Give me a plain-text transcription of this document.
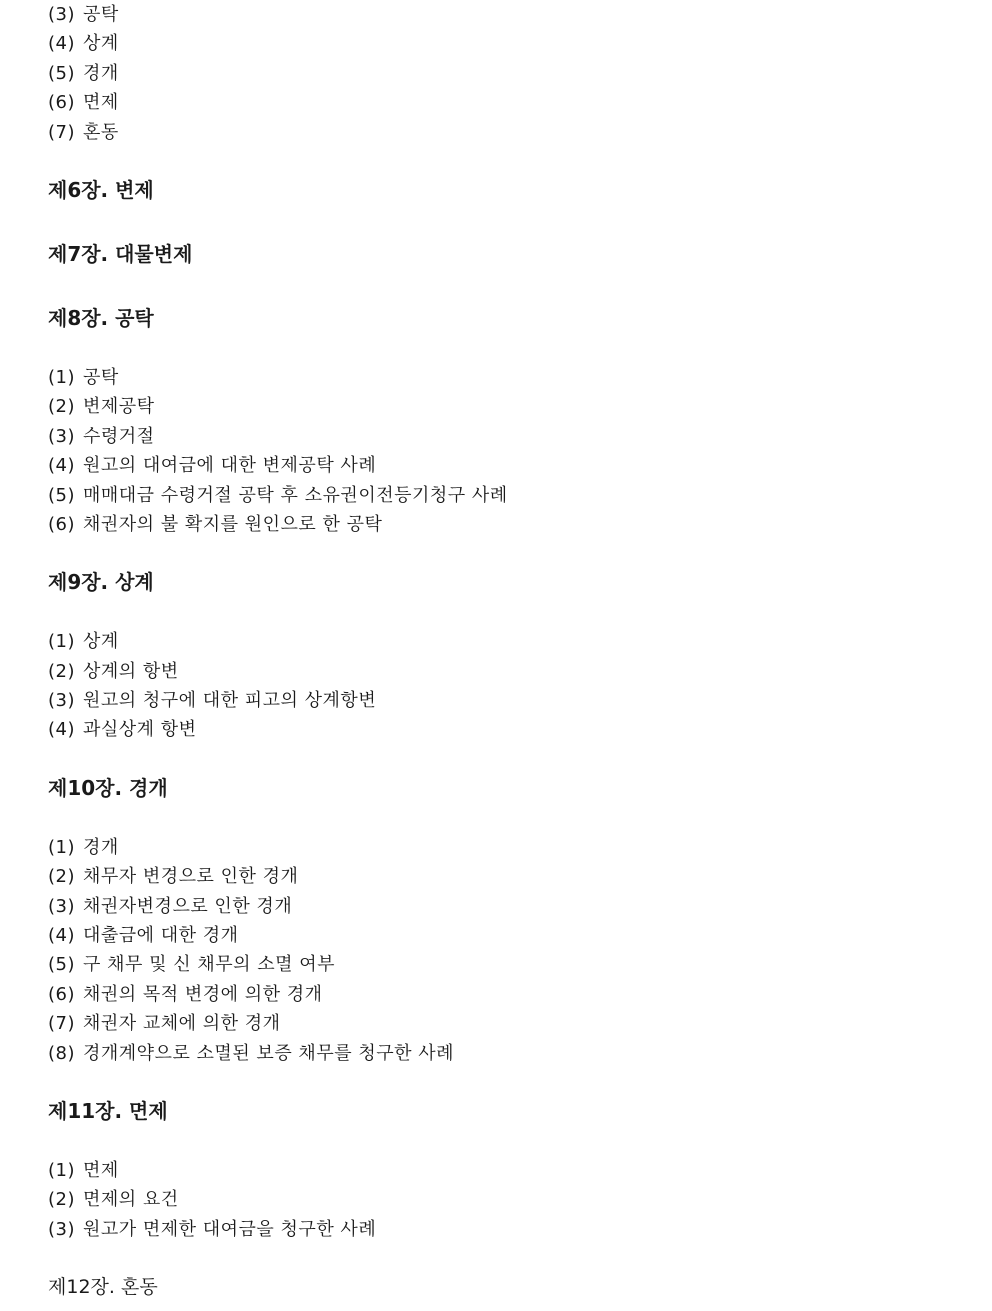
(3) 공탁
(4) 상계
(5) 경개
(6) 면제
(7) 혼동
제6장. 변제
제7장. 대물변제
제8장. 공탁
(1) 공탁
(2) 변제공탁
(3) 수령거절
(4) 원고의 대여금에 대한 변제공탁 사례
(5) 매매대금 수령거절 공탁 후 소유권이전등기청구 사례
(6) 채권자의 불 확지를 원인으로 한 공탁
제9장. 상계
(1) 상계
(2) 상계의 항변
(3) 원고의 청구에 대한 피고의 상계항변
(4) 과실상계 항변
제10장. 경개
(1) 경개
(2) 채무자 변경으로 인한 경개
(3) 채권자변경으로 인한 경개
(4) 대출금에 대한 경개
(5) 구 채무 및 신 채무의 소멸 여부
(6) 채권의 목적 변경에 의한 경개
(7) 채권자 교체에 의한 경개
(8) 경개계약으로 소멸된 보증 채무를 청구한 사례
제11장. 면제
(1) 면제
(2) 면제의 요건
(3) 원고가 면제한 대여금을 청구한 사례
제12장. 혼동
